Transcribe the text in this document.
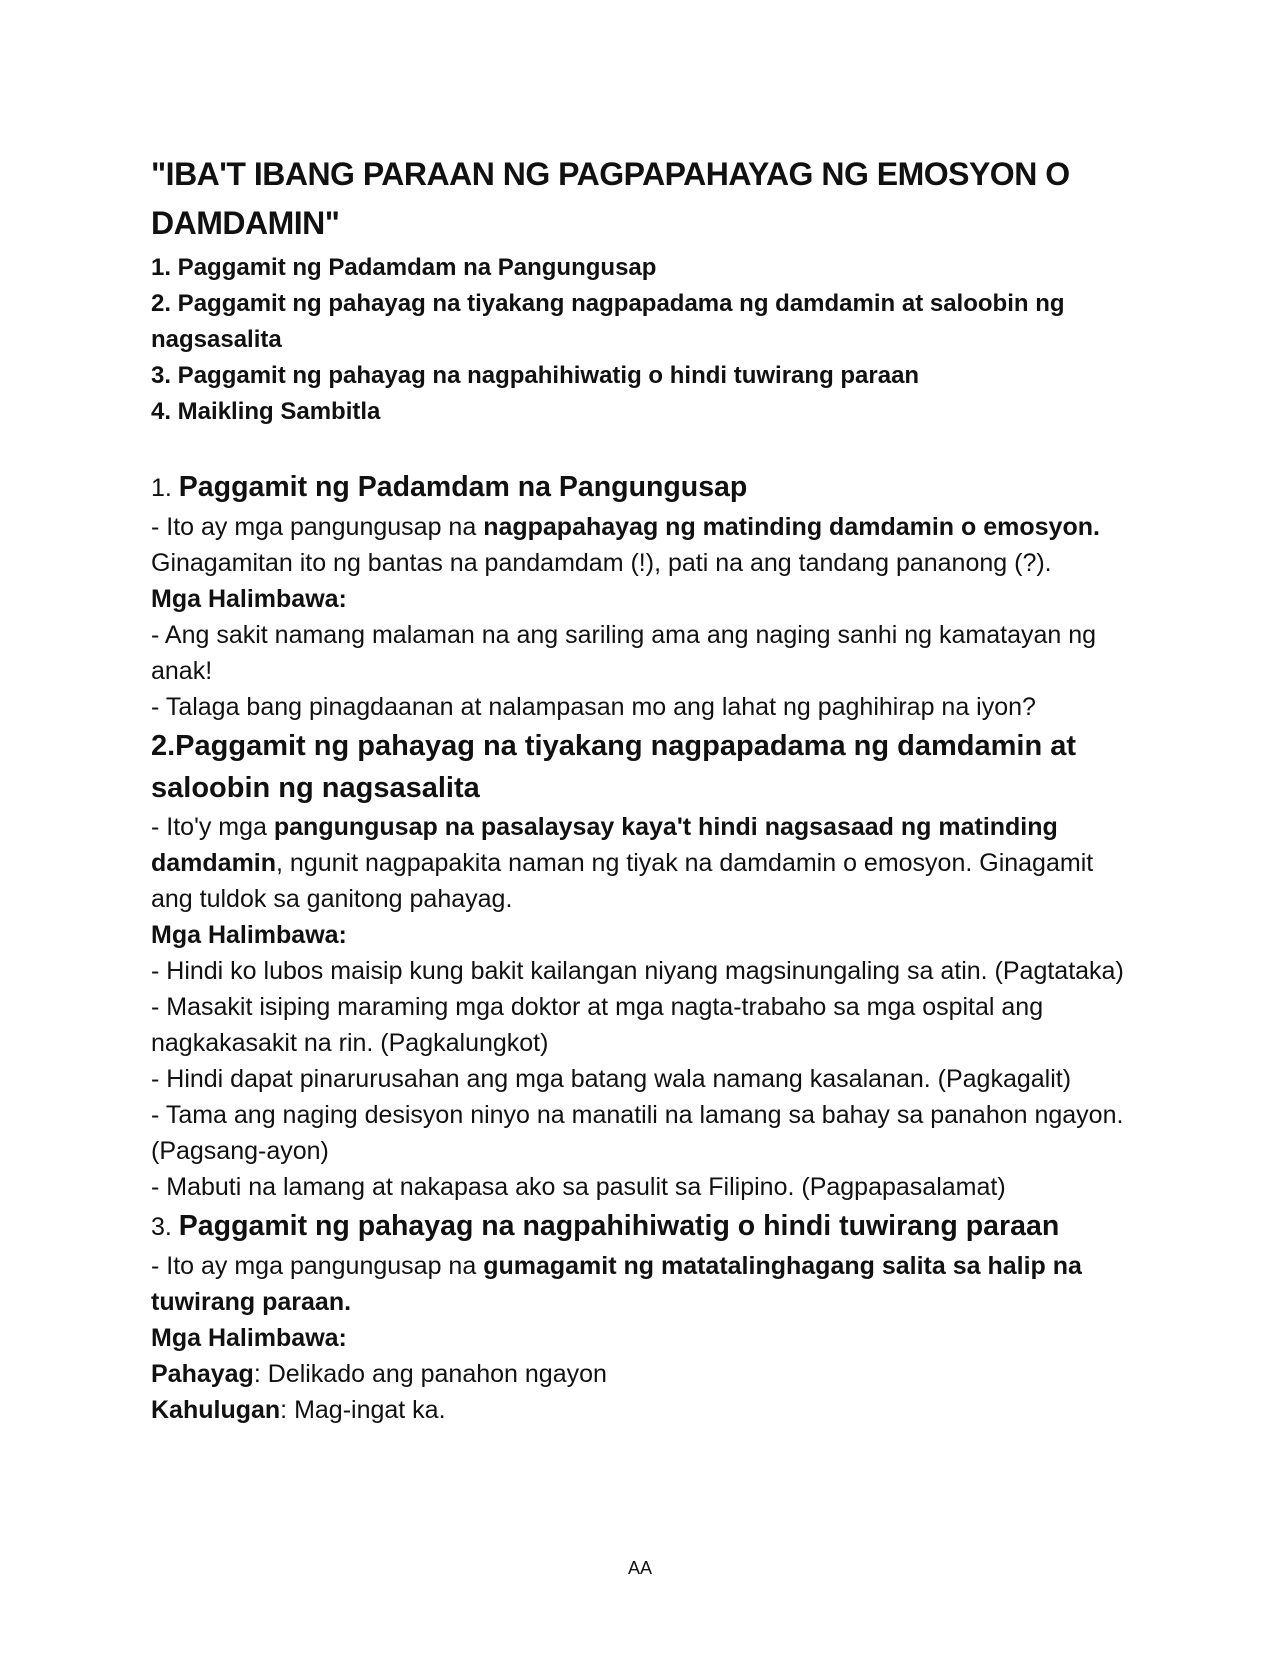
"IBA'T IBANG PARAAN NG PAGPAPAHAYAG NG EMOSYON O DAMDAMIN"
1. Paggamit ng Padamdam na Pangungusap
2. Paggamit ng pahayag na tiyakang nagpapadama ng damdamin at saloobin ng nagsasalita
3. Paggamit ng pahayag na nagpahihiwatig o hindi tuwirang paraan
4. Maikling Sambitla
1. Paggamit ng Padamdam na Pangungusap

- Ito ay mga pangungusap na nagpapahayag ng matinding damdamin o emosyon. Ginagamitan ito ng bantas na pandamdam (!), pati na ang tandang pananong (?).

Mga Halimbawa:

- Ang sakit namang malaman na ang sariling ama ang naging sanhi ng kamatayan ng anak!

- Talaga bang pinagdaanan at nalampasan mo ang lahat ng paghihirap na iyon?

2.Paggamit ng pahayag na tiyakang nagpapadama ng damdamin at saloobin ng nagsasalita

- Ito'y mga pangungusap na pasalaysay kaya't hindi nagsasaad ng matinding damdamin, ngunit nagpapakita naman ng tiyak na damdamin o emosyon. Ginagamit ang tuldok sa ganitong pahayag.

Mga Halimbawa:

- Hindi ko lubos maisip kung bakit kailangan niyang magsinungaling sa atin. (Pagtataka)

- Masakit isiping maraming mga doktor at mga nagta-trabaho sa mga ospital ang nagkakasakit na rin. (Pagkalungkot)

- Hindi dapat pinarurusahan ang mga batang wala namang kasalanan. (Pagkagalit)

- Tama ang naging desisyon ninyo na manatili na lamang sa bahay sa panahon ngayon. (Pagsang-ayon)

- Mabuti na lamang at nakapasa ako sa pasulit sa Filipino. (Pagpapasalamat)

3. Paggamit ng pahayag na nagpahihiwatig o hindi tuwirang paraan

- Ito ay mga pangungusap na gumagamit ng matatalinghagang salita sa halip na tuwirang paraan.

Mga Halimbawa:

Pahayag: Delikado ang panahon ngayon

Kahulugan: Mag-ingat ka.

AA
